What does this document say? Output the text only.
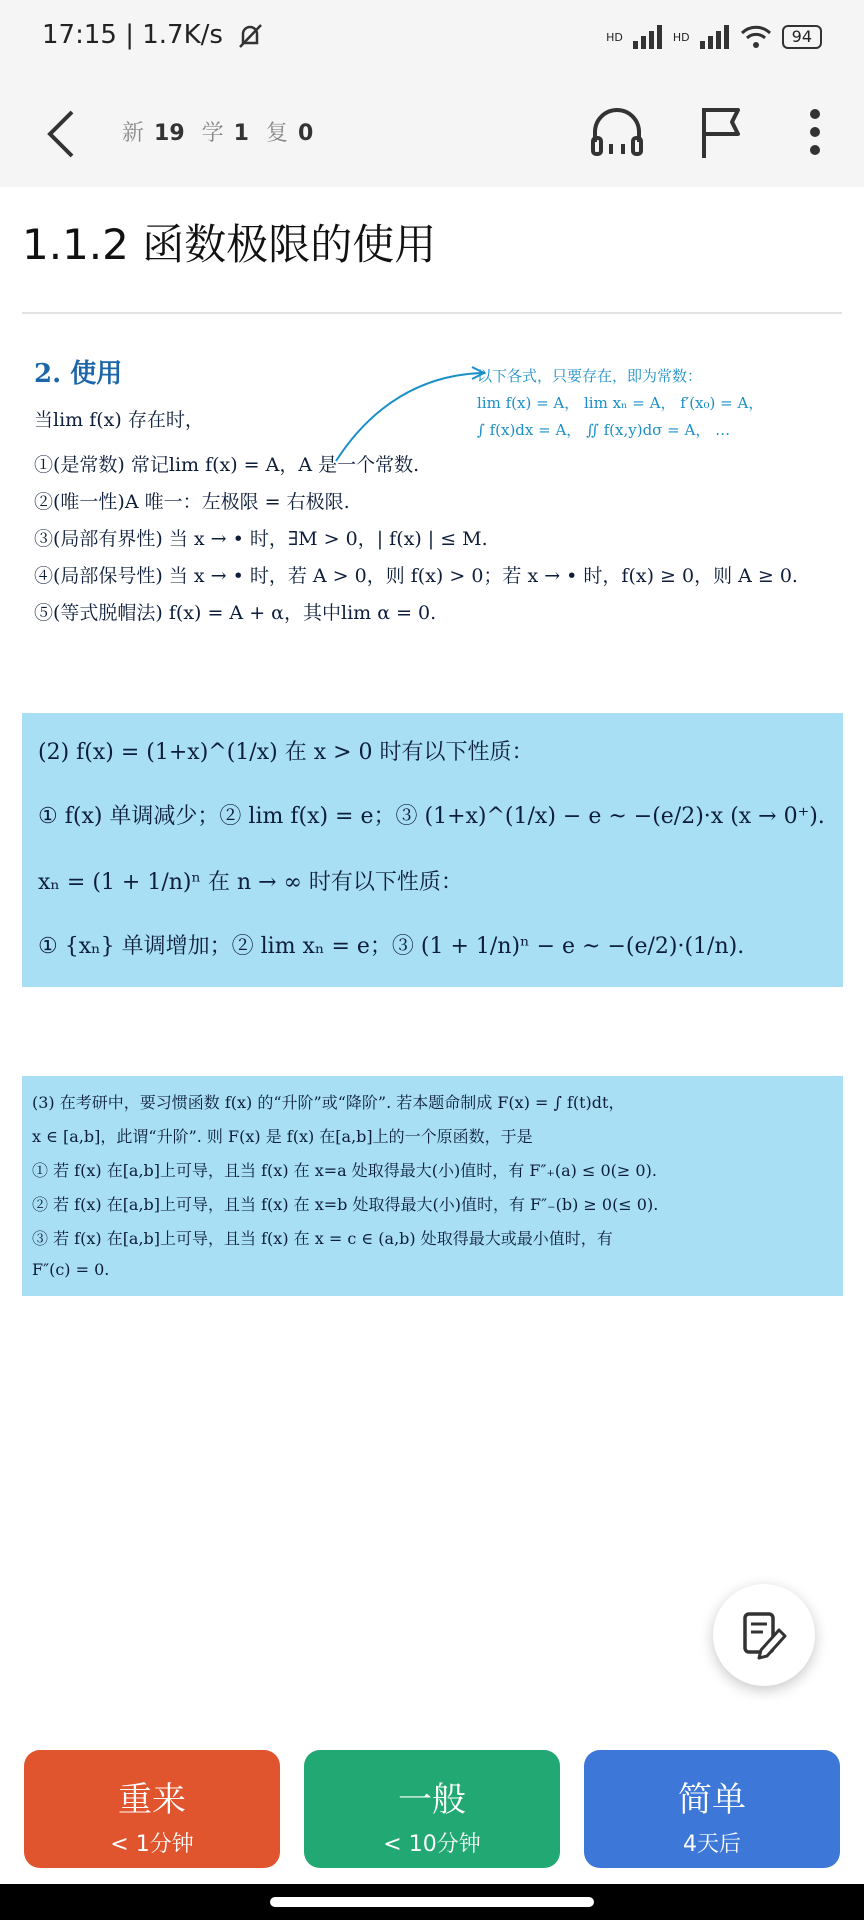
17:15 | 1.7K/s	HD	HD	94
新 19 学 1 复 0
1.1.2 函数极限的使用
2. 使用
当lim f(x) 存在时，
①(是常数) 常记lim f(x) = A，A 是一个常数.
②(唯一性)A 唯一：左极限 = 右极限.
③(局部有界性) 当 x → • 时，∃M > 0，| f(x) | ≤ M.
④(局部保号性) 当 x → • 时，若 A > 0，则 f(x) > 0；若 x → • 时，f(x) ≥ 0，则 A ≥ 0.
⑤(等式脱帽法) f(x) = A + α，其中lim α = 0.
以下各式，只要存在，即为常数：
lim f(x) = A， lim xₙ = A， f′(x₀) = A，
∫ f(x)dx = A， ∬ f(x,y)dσ = A， …
(2) f(x) = (1+x)^(1/x) 在 x > 0 时有以下性质：
① f(x) 单调减少；② lim f(x) = e；③ (1+x)^(1/x) − e ~ −(e/2)·x (x → 0⁺).
xₙ = (1 + 1/n)ⁿ 在 n → ∞ 时有以下性质：
① {xₙ} 单调增加；② lim xₙ = e；③ (1 + 1/n)ⁿ − e ~ −(e/2)·(1/n).
(3) 在考研中，要习惯函数 f(x) 的“升阶”或“降阶”. 若本题命制成 F(x) = ∫ f(t)dt，
x ∈ [a,b]，此谓“升阶”. 则 F(x) 是 f(x) 在[a,b]上的一个原函数，于是
① 若 f(x) 在[a,b]上可导，且当 f(x) 在 x=a 处取得最大(小)值时，有 F″₊(a) ≤ 0(≥ 0).
② 若 f(x) 在[a,b]上可导，且当 f(x) 在 x=b 处取得最大(小)值时，有 F″₋(b) ≥ 0(≤ 0).
③ 若 f(x) 在[a,b]上可导，且当 f(x) 在 x = c ∈ (a,b) 处取得最大或最小值时，有
F″(c) = 0.
重来
< 1分钟
一般
< 10分钟
简单
4天后
